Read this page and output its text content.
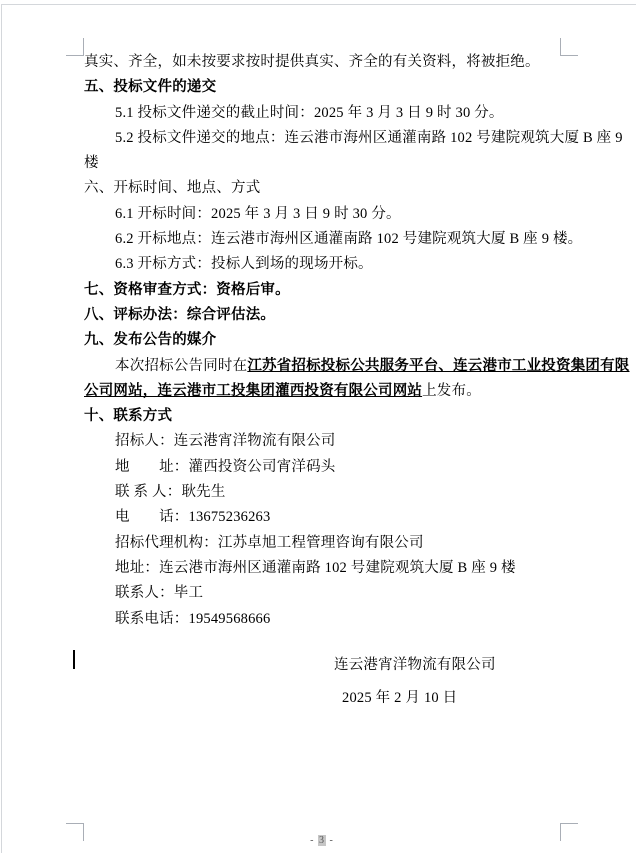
真实、齐全，如未按要求按时提供真实、齐全的有关资料，将被拒绝。
五、投标文件的递交
5.1 投标文件递交的截止时间：2025 年 3 月 3 日 9 时 30 分。
5.2 投标文件递交的地点：连云港市海州区通灌南路 102 号建院观筑大厦 B 座 9
楼
六、开标时间、地点、方式
6.1 开标时间：2025 年 3 月 3 日 9 时 30 分。
6.2 开标地点：连云港市海州区通灌南路 102 号建院观筑大厦 B 座 9 楼。
6.3 开标方式：投标人到场的现场开标。
七、资格审查方式：资格后审。
八、评标办法：综合评估法。
九、发布公告的媒介
本次招标公告同时在江苏省招标投标公共服务平台、连云港市工业投资集团有限
公司网站，连云港市工投集团灌西投资有限公司网站上发布。
十、联系方式
招标人：连云港宵洋物流有限公司
地　　址：灌西投资公司宵洋码头
联 系 人：耿先生
电　　话：13675236263
招标代理机构：江苏卓旭工程管理咨询有限公司
地址：连云港市海州区通灌南路 102 号建院观筑大厦 B 座 9 楼
联系人：毕工
联系电话：19549568666
连云港宵洋物流有限公司
2025 年 2 月 10 日
- 3 -
